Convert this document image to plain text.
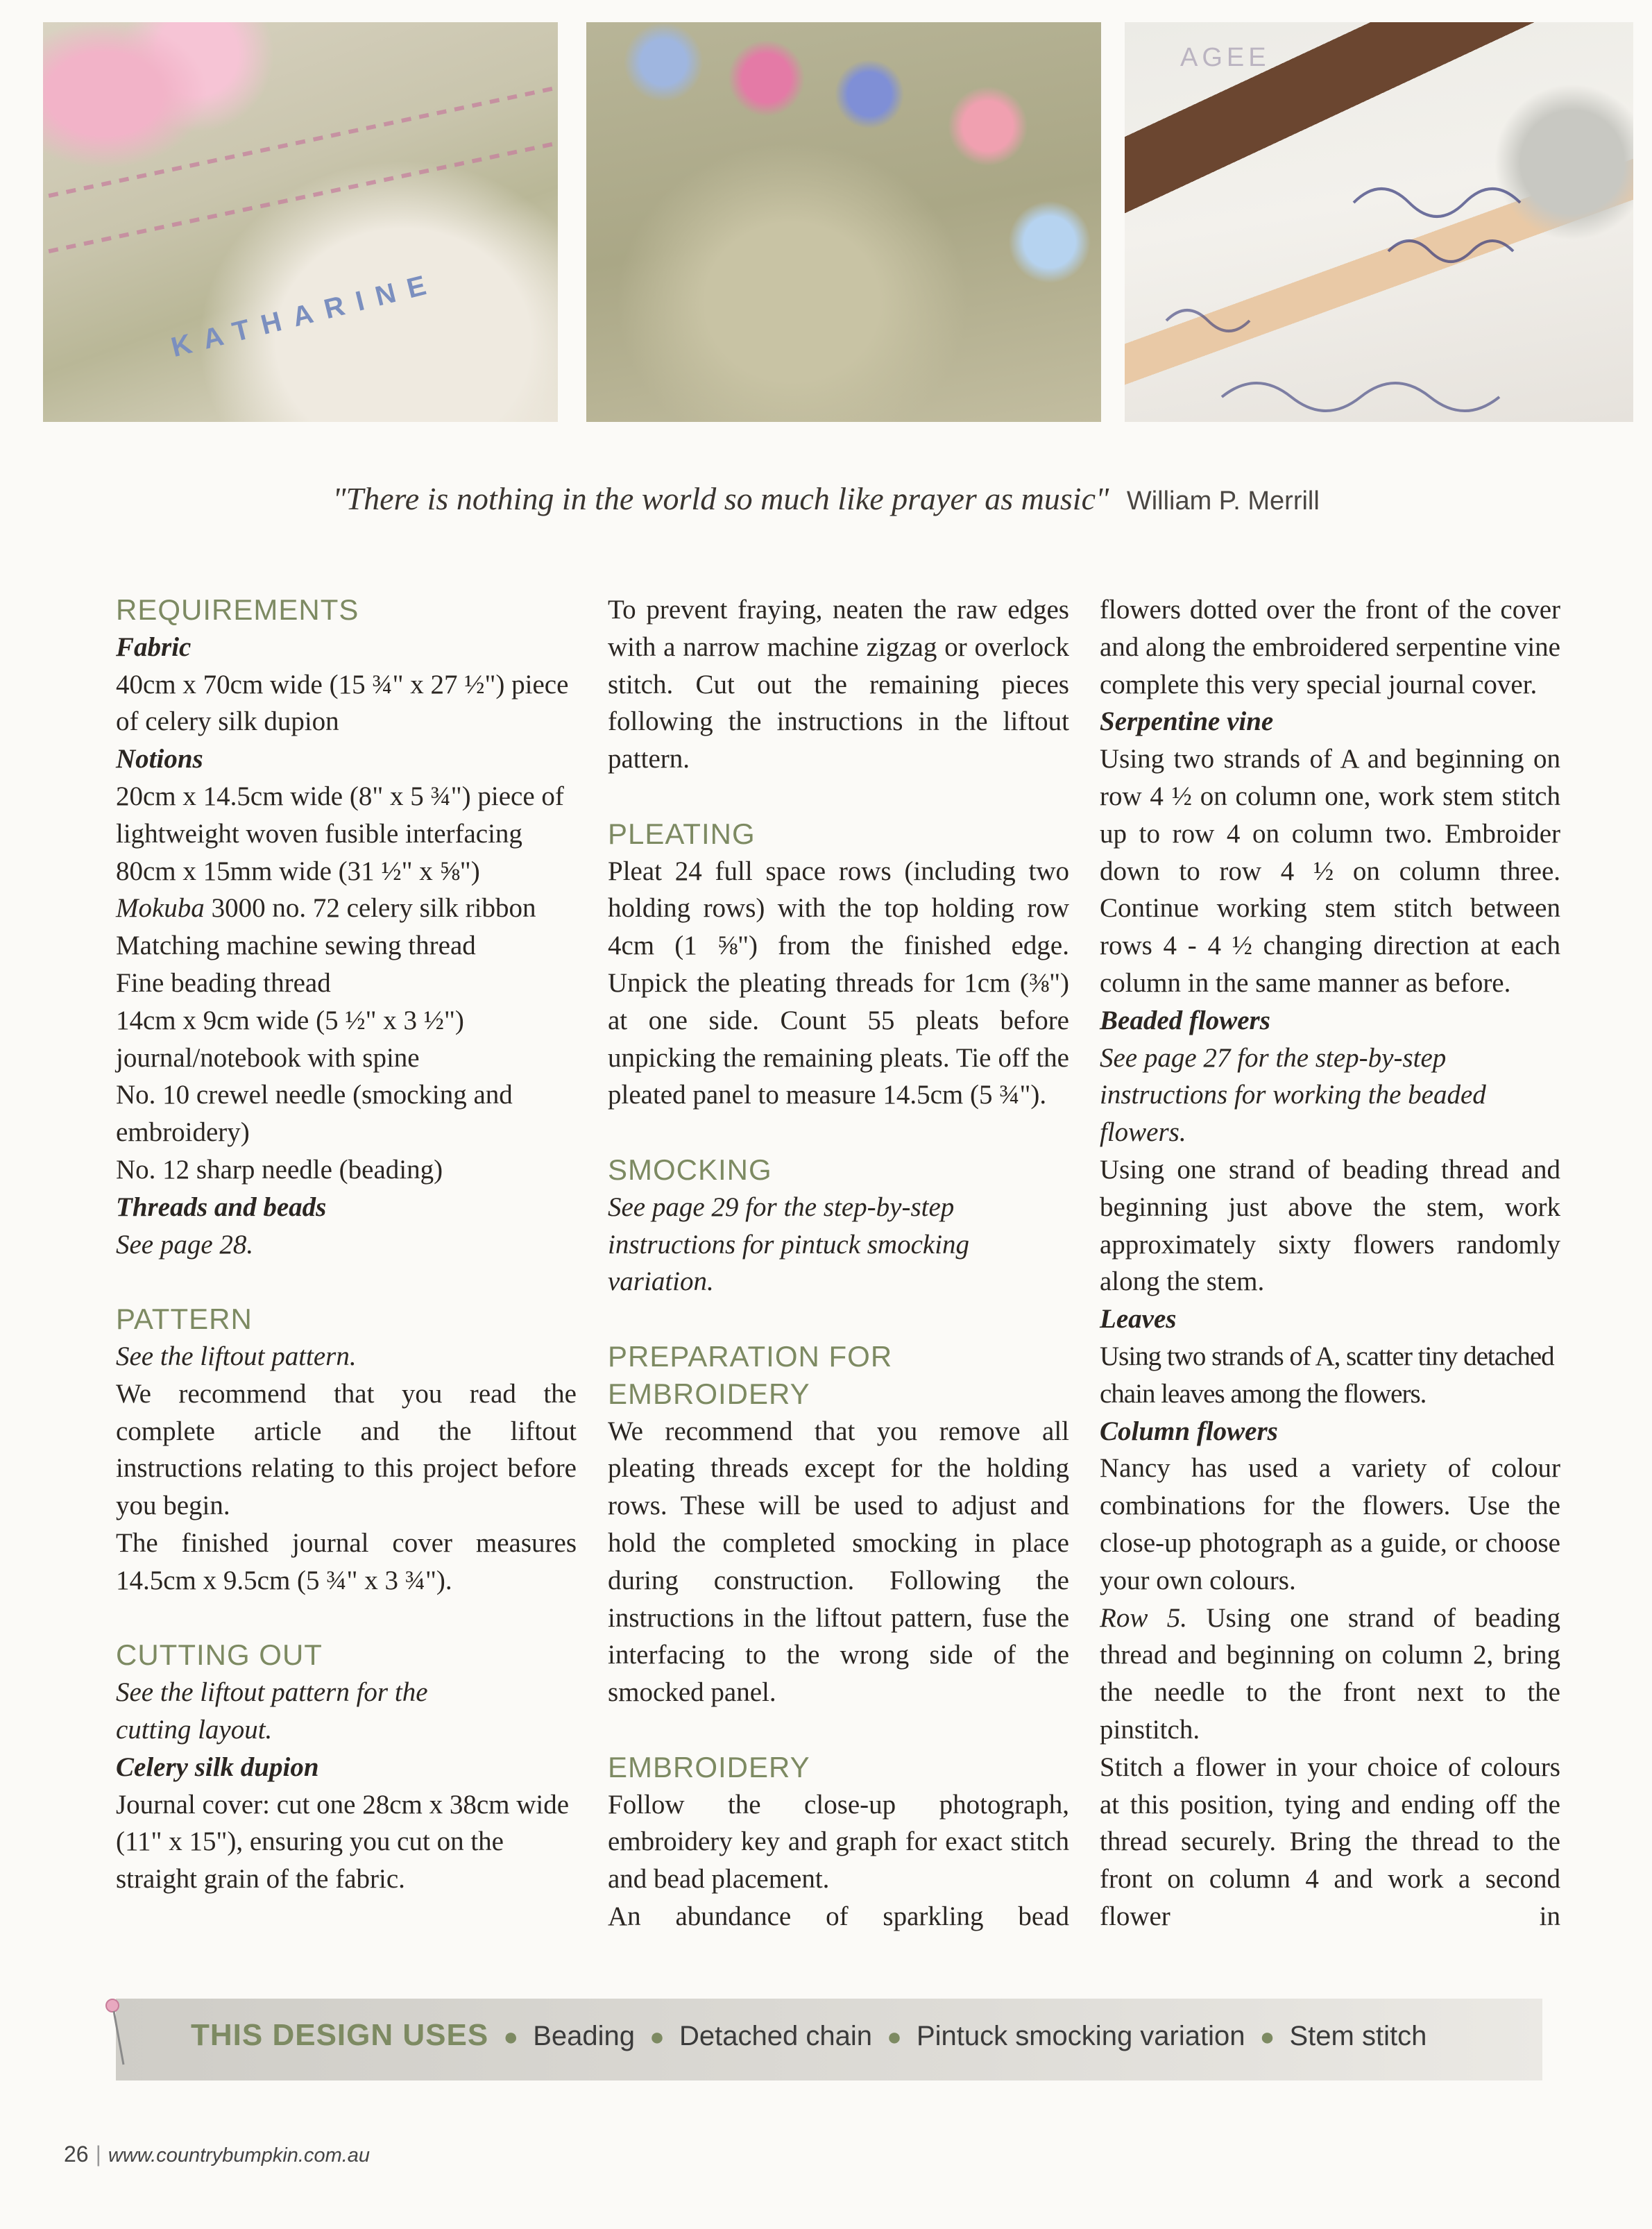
KATHARINE
AGEE
"There is nothing in the world so much like prayer as music" William P. Merrill

REQUIREMENTS

Fabric

40cm x 70cm wide (15 ¾" x 27 ½") piece of celery silk dupion

Notions

20cm x 14.5cm wide (8" x 5 ¾") piece of lightweight woven fusible interfacing

80cm x 15mm wide (31 ½" x ⅝")
Mokuba 3000 no. 72 celery silk ribbon

Matching machine sewing thread

Fine beading thread

14cm x 9cm wide (5 ½" x 3 ½") journal/notebook with spine

No. 10 crewel needle (smocking and embroidery)

No. 12 sharp needle (beading)

Threads and beads

See page 28.

PATTERN

See the liftout pattern.

We recommend that you read the complete article and the liftout instructions relating to this project before you begin.

The finished journal cover measures 14.5cm x 9.5cm (5 ¾" x 3 ¾").

CUTTING OUT

See the liftout pattern for the cutting layout.

Celery silk dupion

Journal cover: cut one 28cm x 38cm wide (11" x 15"), ensuring you cut on the straight grain of the fabric.

To prevent fraying, neaten the raw edges with a narrow machine zigzag or overlock stitch. Cut out the remaining pieces following the instructions in the liftout pattern.

PLEATING

Pleat 24 full space rows (including two holding rows) with the top holding row 4cm (1 ⅝") from the finished edge. Unpick the pleating threads for 1cm (⅜") at one side. Count 55 pleats before unpicking the remaining pleats. Tie off the pleated panel to measure 14.5cm (5 ¾").

SMOCKING

See page 29 for the step-by-step instructions for pintuck smocking variation.

PREPARATION FOR

EMBROIDERY

We recommend that you remove all pleating threads except for the holding rows. These will be used to adjust and hold the completed smocking in place during construction. Following the instructions in the liftout pattern, fuse the interfacing to the wrong side of the smocked panel.

EMBROIDERY

Follow the close-up photograph, embroidery key and graph for exact stitch and bead placement.

An abundance of sparkling bead

flowers dotted over the front of the cover and along the embroidered serpentine vine complete this very special journal cover.

Serpentine vine

Using two strands of A and beginning on row 4 ½ on column one, work stem stitch up to row 4 on column two. Embroider down to row 4 ½ on column three. Continue working stem stitch between rows 4 - 4 ½ changing direction at each column in the same manner as before.

Beaded flowers

See page 27 for the step-by-step instructions for working the beaded flowers.

Using one strand of beading thread and beginning just above the stem, work approximately sixty flowers randomly along the stem.

Leaves

Using two strands of A, scatter tiny detached chain leaves among the flowers.

Column flowers

Nancy has used a variety of colour combinations for the flowers. Use the close-up photograph as a guide, or choose your own colours.

Row 5. Using one strand of beading thread and beginning on column 2, bring the needle to the front next to the pinstitch.

Stitch a flower in your choice of colours at this position, tying and ending off the thread securely. Bring the thread to the front on column 4 and work a second flower in

THIS DESIGN USES ● Beading ● Detached chain ● Pintuck smocking variation ● Stem stitch
26 | www.countrybumpkin.com.au
